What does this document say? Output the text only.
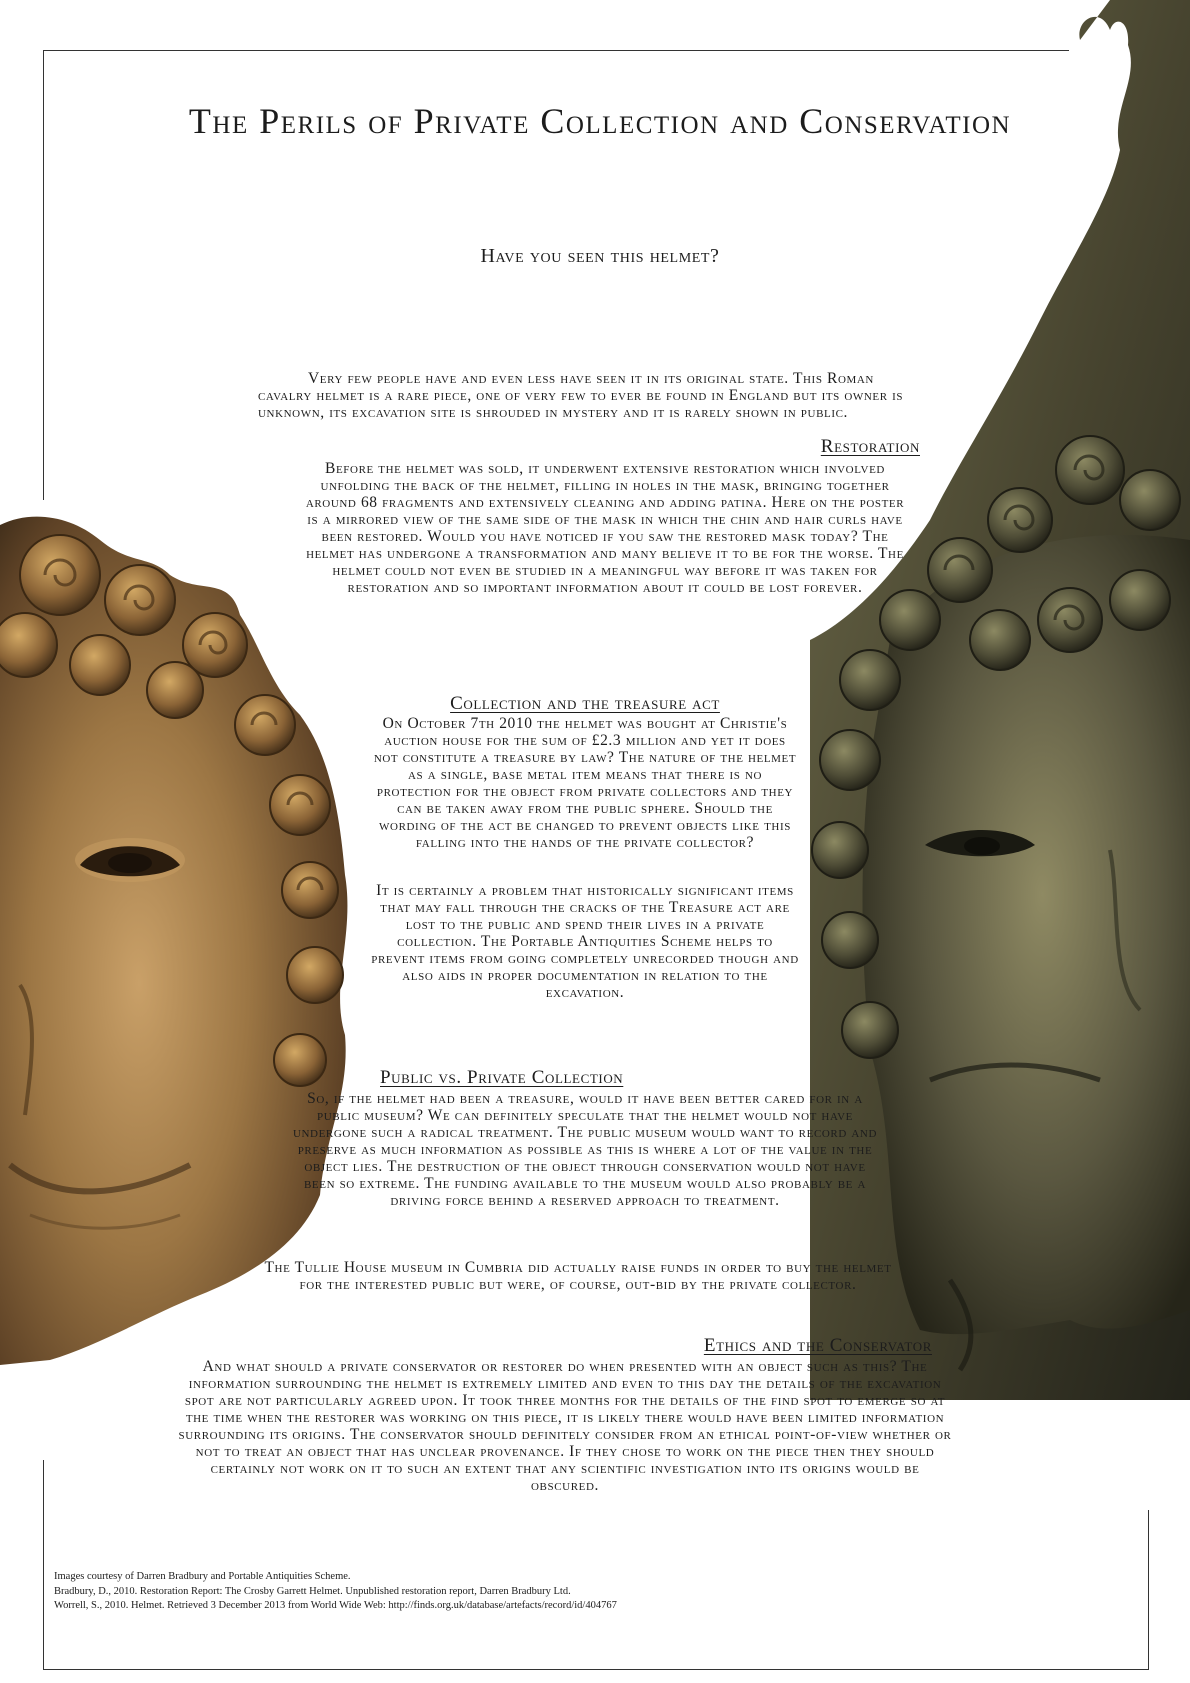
The Perils of Private Collection and Conservation
Have you seen this helmet?
Very few people have and even less have seen it in its original state. This Roman cavalry helmet is a rare piece, one of very few to ever be found in England but its owner is unknown, its excavation site is shrouded in mystery and it is rarely shown in public.
Restoration
Before the helmet was sold, it underwent extensive restoration which involved unfolding the back of the helmet, filling in holes in the mask, bringing together around 68 fragments and extensively cleaning and adding patina. Here on the poster is a mirrored view of the same side of the mask in which the chin and hair curls have been restored. Would you have noticed if you saw the restored mask today? The helmet has undergone a transformation and many believe it to be for the worse. The helmet could not even be studied in a meaningful way before it was taken for restoration and so important information about it could be lost forever.
Collection and the treasure act
On October 7th 2010 the helmet was bought at Christie's auction house for the sum of £2.3 million and yet it does not constitute a treasure by law? The nature of the helmet as a single, base metal item means that there is no protection for the object from private collectors and they can be taken away from the public sphere. Should the wording of the act be changed to prevent objects like this falling into the hands of the private collector?
It is certainly a problem that historically significant items that may fall through the cracks of the Treasure act are lost to the public and spend their lives in a private collection. The Portable Antiquities Scheme helps to prevent items from going completely unrecorded though and also aids in proper documentation in relation to the excavation.
Public vs. Private Collection
So, if the helmet had been a treasure, would it have been better cared for in a public museum? We can definitely speculate that the helmet would not have undergone such a radical treatment. The public museum would want to record and preserve as much information as possible as this is where a lot of the value in the object lies. The destruction of the object through conservation would not have been so extreme. The funding available to the museum would also probably be a driving force behind a reserved approach to treatment.
The Tullie House museum in Cumbria did actually raise funds in order to buy the helmet for the interested public but were, of course, out-bid by the private collector.
Ethics and the Conservator
And what should a private conservator or restorer do when presented with an object such as this? The information surrounding the helmet is extremely limited and even to this day the details of the excavation spot are not particularly agreed upon. It took three months for the details of the find spot to emerge so at the time when the restorer was working on this piece, it is likely there would have been limited information surrounding its origins. The conservator should definitely consider from an ethical point-of-view whether or not to treat an object that has unclear provenance. If they chose to work on the piece then they should certainly not work on it to such an extent that any scientific investigation into its origins would be obscured.
Images courtesy of Darren Bradbury and Portable Antiquities Scheme.
Bradbury, D., 2010. Restoration Report: The Crosby Garrett Helmet. Unpublished restoration report, Darren Bradbury Ltd.
Worrell, S., 2010. Helmet. Retrieved 3 December 2013 from World Wide Web: http://finds.org.uk/database/artefacts/record/id/404767
